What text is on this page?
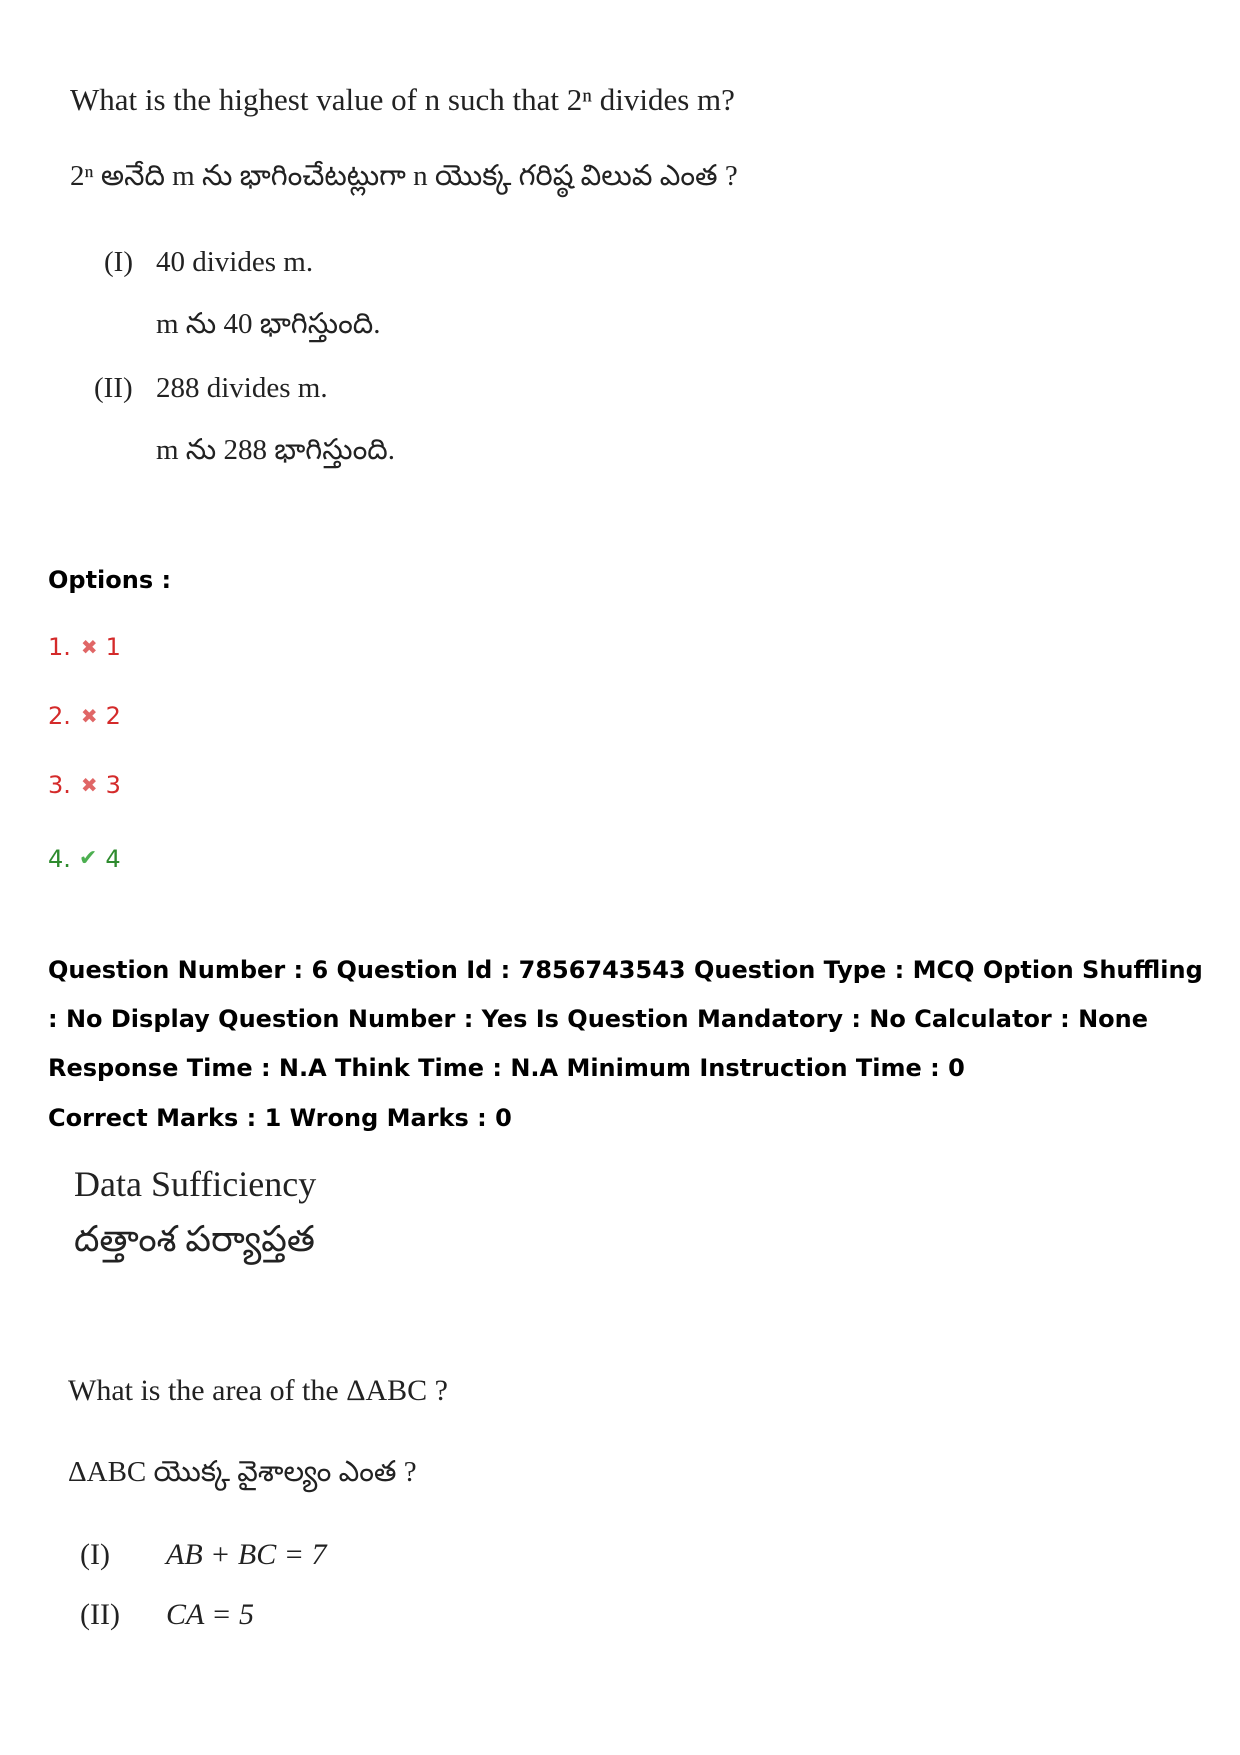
What is the highest value of n such that 2ⁿ divides m?
2ⁿ అనేది m ను భాగించేటట్లుగా n యొక్క గరిష్ఠ విలువ ఎంత ?
(I) 40 divides m.
m ను 40 భాగిస్తుంది.
(II) 288 divides m.
m ను 288 భాగిస్తుంది.
Options :
1. ✖ 1
2. ✖ 2
3. ✖ 3
4. ✔ 4
Question Number : 6 Question Id : 7856743543 Question Type : MCQ Option Shuffling : No Display Question Number : Yes Is Question Mandatory : No Calculator : None Response Time : N.A Think Time : N.A Minimum Instruction Time : 0
Correct Marks : 1 Wrong Marks : 0
Data Sufficiency
దత్తాంశ పర్యాప్తత
What is the area of the ΔABC ?
ΔABC యొక్క వైశాల్యం ఎంత ?
(I) AB + BC = 7
(II) CA = 5
